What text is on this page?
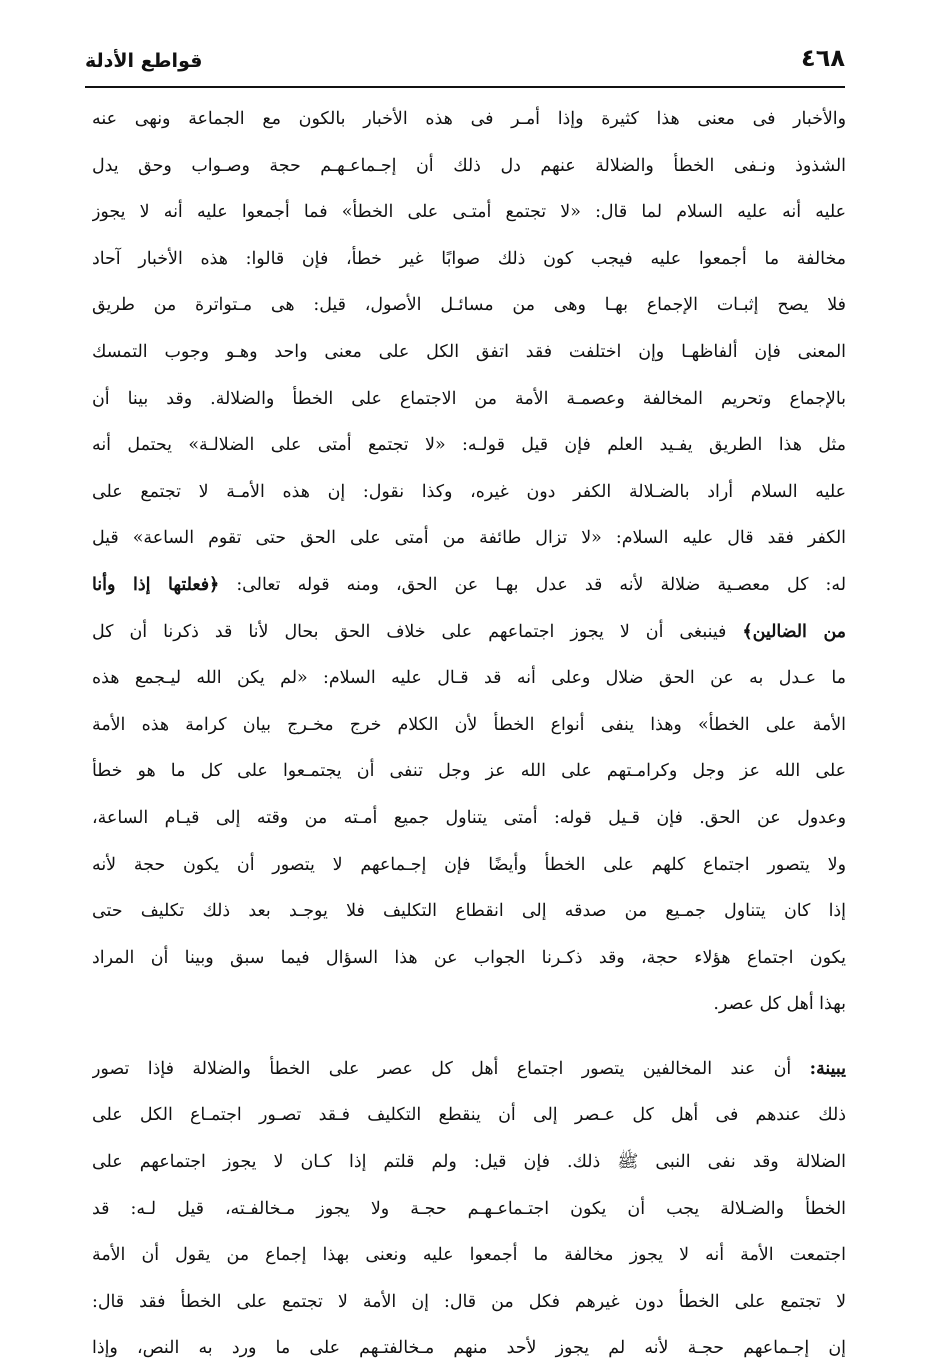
قواطع الأدلة	٤٦٨
والأخبار فى معنى هذا كثيرة وإذا أمـر فى هذه الأخبار بالكون مع الجماعة ونهى عنه
الشذوذ ونـفى الخطأ والضلالة عنهم دل ذلك أن إجـماعـهـم حجة وصـواب وحق يدل
عليه أنه عليه السلام لما قال: «لا تجتمع أمتـى على الخطأ» فما أجمعوا عليه أنه لا يجوز
مخالفة ما أجمعوا عليه فيجب كون ذلك صوابًا غير خطأ، فإن قالوا: هذه الأخبار آحاد
فلا يصح إثبـات الإجماع بهـا وهى من مسائـل الأصول، قيل: هى مـتواترة من طريق
المعنى فإن ألفاظهـا وإن اختلفت فقد اتفق الكل على معنى واحد وهـو وجوب التمسك
بالإجماع وتحريم المخالفة وعصمـة الأمة من الاجتماع على الخطأ والضلالة. وقد بينا أن
مثل هذا الطريق يفـيد العلم فإن قيل قولـه: «لا تجتمع أمتى على الضلالـة» يحتمل أنه
عليه السلام أراد بالضـلالة الكفر دون غيره، وكذا نقول: إن هذه الأمـة لا تجتمع على
الكفر فقد قال عليه السلام: «لا تزال طائفة من أمتى على الحق حتى تقوم الساعة» قيل
له: كل معصـية ضلالة لأنه قد عدل بهـا عن الحق، ومنه قوله تعالى: ﴿فعلتها إذا وأنا
من الضالين﴾ فينبغى أن لا يجوز اجتماعهم على خلاف الحق بحال لأنا قد ذكرنا أن كل
ما عـدل به عن الحق ضلال وعلى أنه قد قـال عليه السلام: «لم يكن الله ليـجمع هذه
الأمة على الخطأ» وهذا ينفى أنواع الخطأ لأن الكلام خرج مخـرج بيان كرامة هذه الأمة
على الله عز وجل وكرامـتهم على الله عز وجل تنفى أن يجتمـعوا على كل ما هو خطأ
وعدول عن الحق. فإن قـيل قوله: أمتى يتناول جميع أمـته من وقته إلى قيـام الساعة،
ولا يتصور اجتماع كلهم على الخطأ وأيضًا فإن إجـماعهم لا يتصور أن يكون حجة لأنه
إذا كان يتناول جمـيع من صدقه إلى انقطاع التكليف فلا يوجـد بعد ذلك تكليف حتى
يكون اجتماع هؤلاء حجة، وقد ذكـرنا الجواب عن هذا السؤال فيما سبق وبينا أن المراد
بهذا أهل كل عصر.
يبينة: أن عند المخالفين يتصور اجتماع أهل كل عصر على الخطأ والضلالة فإذا تصور
ذلك عندهم فى أهل كل عـصر إلى أن ينقطع التكليف فـقد تصـور اجتمـاع الكل على
الضلالة وقد نفى النبى ﷺ ذلك. فإن قيل: ولم قلتم إذا كـان لا يجوز اجتماعهم على
الخطأ والضـلالة يجب أن يكون اجتـماعـهـم حجـة ولا يجوز مـخالفـته، قيل لـه: قد
اجتمعت الأمة أنه لا يجوز مخالفة ما أجمعوا عليه ونعنى بهذا إجماع من يقول أن الأمة
لا تجتمع على الخطأ دون غيرهم فكل من قال: إن الأمة لا تجتمع على الخطأ فقد قال:
إن إجـماعهم حجـة لأنه لم يجوز لأحد منهم مـخالفتـهم على ما ورد به النص، وإذا
